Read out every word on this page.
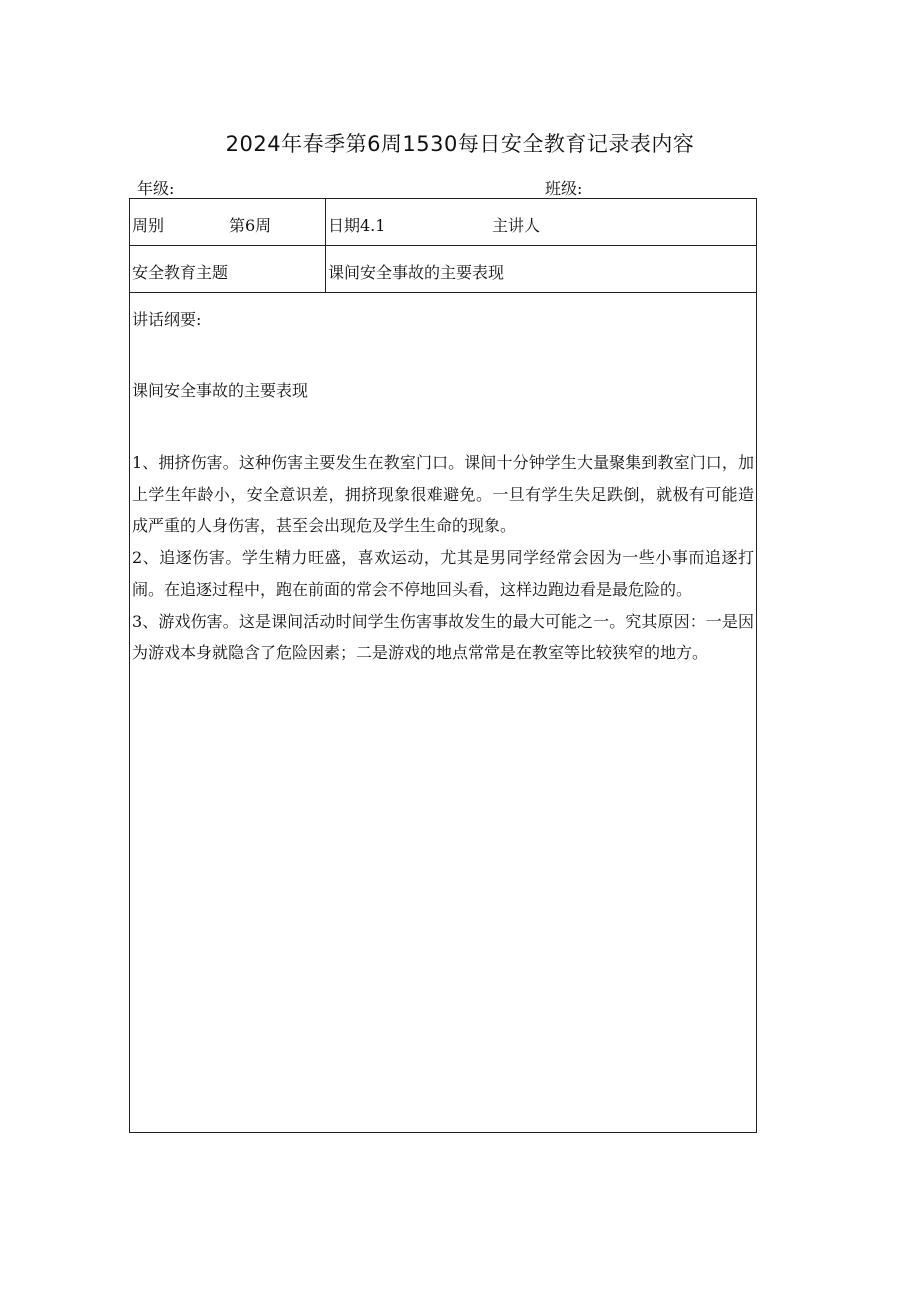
2024年春季第6周1530每日安全教育记录表内容
年级:	班级:
周别	第6周	日期4.1	主讲人
安全教育主题	课间安全事故的主要表现
讲话纲要:
课间安全事故的主要表现

1、拥挤伤害。这种伤害主要发生在教室门口。课间十分钟学生大量聚集到教室门口，加上学生年龄小，安全意识差，拥挤现象很难避免。一旦有学生失足跌倒，就极有可能造成严重的人身伤害，甚至会出现危及学生生命的现象。

2、追逐伤害。学生精力旺盛，喜欢运动，尤其是男同学经常会因为一些小事而追逐打闹。在追逐过程中，跑在前面的常会不停地回头看，这样边跑边看是最危险的。

3、游戏伤害。这是课间活动时间学生伤害事故发生的最大可能之一。究其原因：一是因为游戏本身就隐含了危险因素；二是游戏的地点常常是在教室等比较狭窄的地方。
